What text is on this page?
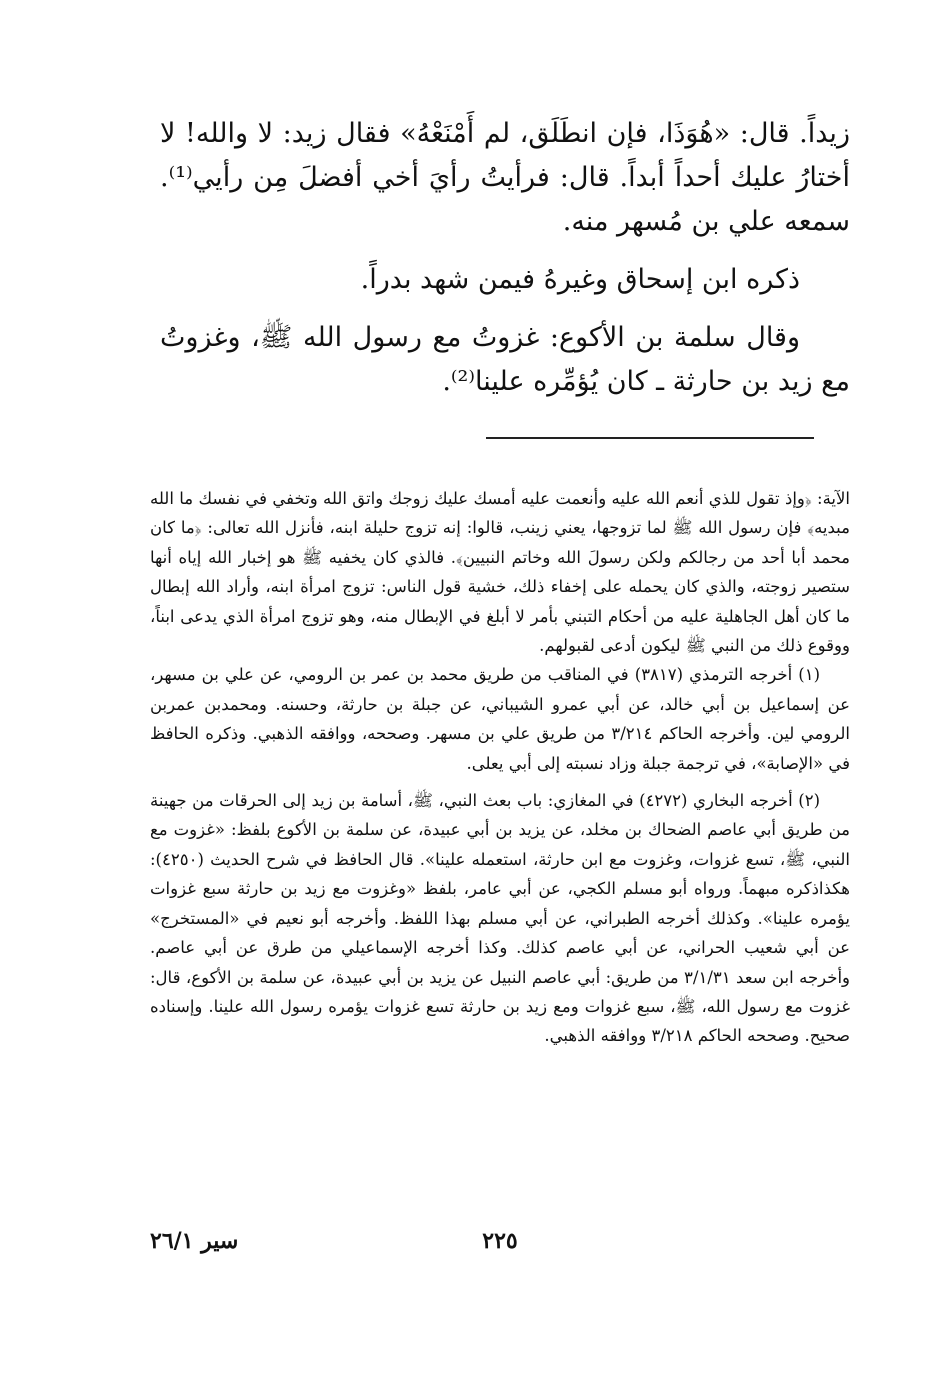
زيداً. قال: «هُوَذَا، فإن انطَلَق، لم أَمْنَعْهُ» فقال زيد: لا والله! لا أختارُ عليك أحداً أبداً. قال: فرأيتُ رأيَ أخي أفضلَ مِن رأيي⁽¹⁾. سمعه علي بن مُسهر منه.

ذكره ابن إسحاق وغيرهُ فيمن شهد بدراً.

وقال سلمة بن الأكوع: غزوتُ مع رسول الله ﷺ، وغزوتُ مع زيد بن حارثة ـ كان يُؤمِّره علينا⁽²⁾.

الآية: ﴿وإذ تقول للذي أنعم الله عليه وأنعمت عليه أمسك عليك زوجك واتق الله وتخفي في نفسك ما الله مبديه﴾ فإن رسول الله ﷺ لما تزوجها، يعني زينب، قالوا: إنه تزوج حليلة ابنه، فأنزل الله تعالى: ﴿ما كان محمد أبا أحد من رجالكم ولكن رسولَ الله وخاتم النبيين﴾. فالذي كان يخفيه ﷺ هو إخبار الله إياه أنها ستصير زوجته، والذي كان يحمله على إخفاء ذلك، خشية قول الناس: تزوج امرأة ابنه، وأراد الله إبطال ما كان أهل الجاهلية عليه من أحكام التبني بأمر لا أبلغ في الإبطال منه، وهو تزوج امرأة الذي يدعى ابناً، ووقوع ذلك من النبي ﷺ ليكون أدعى لقبولهم.

(١) أخرجه الترمذي (٣٨١٧) في المناقب من طريق محمد بن عمر بن الرومي، عن علي بن مسهر، عن إسماعيل بن أبي خالد، عن أبي عمرو الشيباني، عن جبلة بن حارثة، وحسنه. ومحمدبن عمربن الرومي لين. وأخرجه الحاكم ٣/٢١٤ من طريق علي بن مسهر. وصححه، ووافقه الذهبي. وذكره الحافظ في «الإصابة»، في ترجمة جبلة وزاد نسبته إلى أبي يعلى.

(٢) أخرجه البخاري (٤٢٧٢) في المغازي: باب بعث النبي، ﷺ، أسامة بن زيد إلى الحرقات من جهينة من طريق أبي عاصم الضحاك بن مخلد، عن يزيد بن أبي عبيدة، عن سلمة بن الأكوع بلفظ: «غزوت مع النبي، ﷺ، تسع غزوات، وغزوت مع ابن حارثة، استعمله علينا». قال الحافظ في شرح الحديث (٤٢٥٠): هكذاذكره مبهماً. ورواه أبو مسلم الكجي، عن أبي عامر، بلفظ «وغزوت مع زيد بن حارثة سبع غزوات يؤمره علينا». وكذلك أخرجه الطبراني، عن أبي مسلم بهذا اللفظ. وأخرجه أبو نعيم في «المستخرج» عن أبي شعيب الحراني، عن أبي عاصم كذلك. وكذا أخرجه الإسماعيلي من طرق عن أبي عاصم. وأخرجه ابن سعد ٣/١/٣١ من طريق: أبي عاصم النبيل عن يزيد بن أبي عبيدة، عن سلمة بن الأكوع، قال: غزوت مع رسول الله، ﷺ، سبع غزوات ومع زيد بن حارثة تسع غزوات يؤمره رسول الله علينا. وإسناده صحيح. وصححه الحاكم ٣/٢١٨ ووافقه الذهبي.

٢٢٥
سير ٢٦/١
